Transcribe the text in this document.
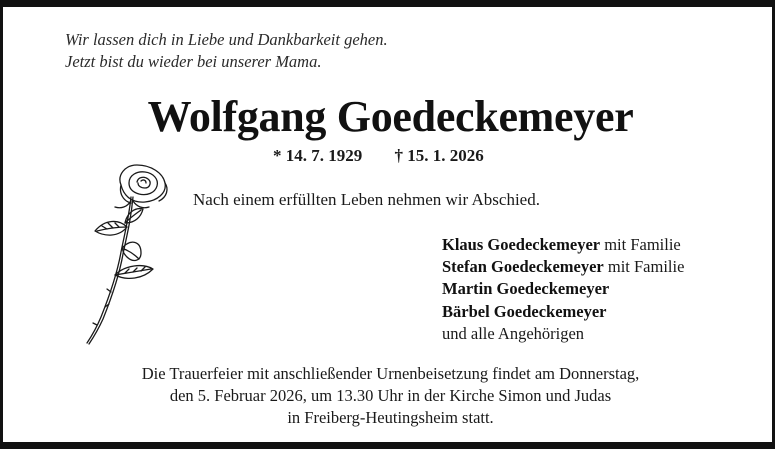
Wir lassen dich in Liebe und Dankbarkeit gehen.
Jetzt bist du wieder bei unserer Mama.
Wolfgang Goedeckemeyer
* 14. 7. 1929 † 15. 1. 2026
Nach einem erfüllten Leben nehmen wir Abschied.
Klaus Goedeckemeyer mit Familie
Stefan Goedeckemeyer mit Familie
Martin Goedeckemeyer
Bärbel Goedeckemeyer
und alle Angehörigen
Die Trauerfeier mit anschließender Urnenbeisetzung findet am Donnerstag,
den 5. Februar 2026, um 13.30 Uhr in der Kirche Simon und Judas
in Freiberg-Heutingsheim statt.
